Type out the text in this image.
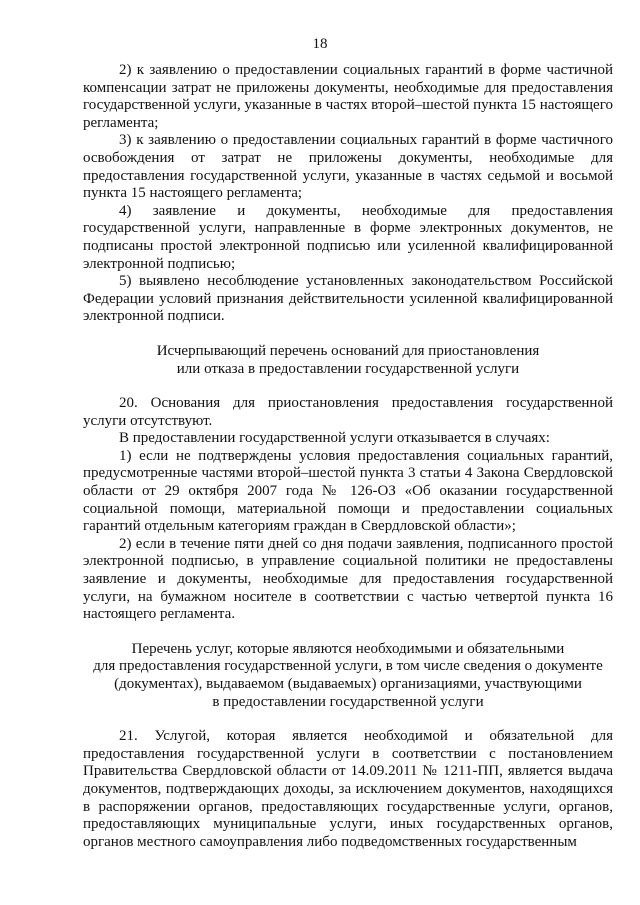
18

2) к заявлению о предоставлении социальных гарантий в форме частичной компенсации затрат не приложены документы, необходимые для предоставления государственной услуги, указанные в частях второй–шестой пункта 15 настоящего регламента;

3) к заявлению о предоставлении социальных гарантий в форме частичного освобождения от затрат не приложены документы, необходимые для предоставления государственной услуги, указанные в частях седьмой и восьмой пункта 15 настоящего регламента;

4) заявление и документы, необходимые для предоставления государственной услуги, направленные в форме электронных документов, не подписаны простой электронной подписью или усиленной квалифицированной электронной подписью;

5) выявлено несоблюдение установленных законодательством Российской Федерации условий признания действительности усиленной квалифицированной электронной подписи.

Исчерпывающий перечень оснований для приостановления
или отказа в предоставлении государственной услуги

20. Основания для приостановления предоставления государственной услуги отсутствуют.

В предоставлении государственной услуги отказывается в случаях:

1) если не подтверждены условия предоставления социальных гарантий, предусмотренные частями второй–шестой пункта 3 статьи 4 Закона Свердловской области от 29 октября 2007 года № 126-ОЗ «Об оказании государственной социальной помощи, материальной помощи и предоставлении социальных гарантий отдельным категориям граждан в Свердловской области»;

2) если в течение пяти дней со дня подачи заявления, подписанного простой электронной подписью, в управление социальной политики не предоставлены заявление и документы, необходимые для предоставления государственной услуги, на бумажном носителе в соответствии с частью четвертой пункта 16 настоящего регламента.

Перечень услуг, которые являются необходимыми и обязательными
для предоставления государственной услуги, в том числе сведения о документе
(документах), выдаваемом (выдаваемых) организациями, участвующими
в предоставлении государственной услуги

21. Услугой, которая является необходимой и обязательной для предоставления государственной услуги в соответствии с постановлением Правительства Свердловской области от 14.09.2011 № 1211-ПП, является выдача документов, подтверждающих доходы, за исключением документов, находящихся в распоряжении органов, предоставляющих государственные услуги, органов, предоставляющих муниципальные услуги, иных государственных органов, органов местного самоуправления либо подведомственных государственным
